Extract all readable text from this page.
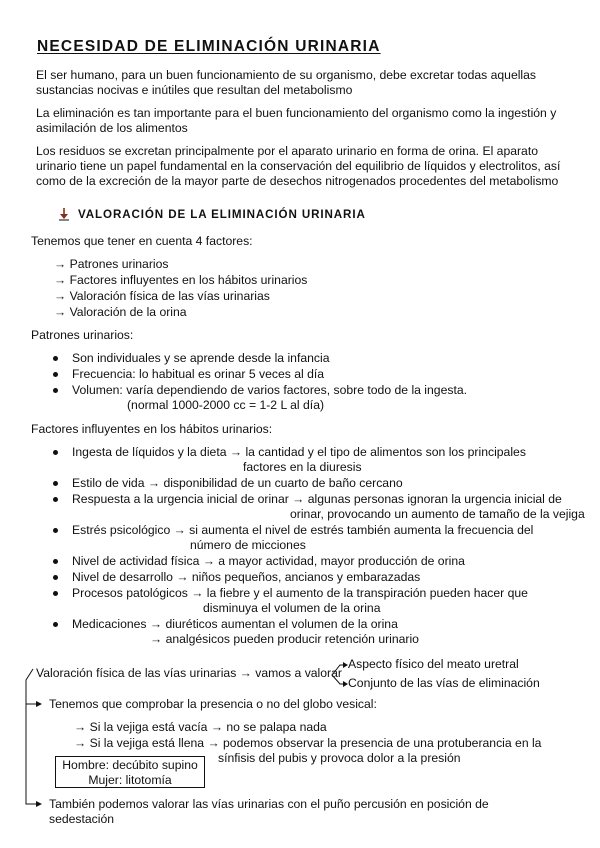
NECESIDAD DE ELIMINACIÓN URINARIA
El ser humano, para un buen funcionamiento de su organismo, debe excretar todas aquellas sustancias nocivas e inútiles que resultan del metabolismo
La eliminación es tan importante para el buen funcionamiento del organismo como la ingestión y asimilación de los alimentos
Los residuos se excretan principalmente por el aparato urinario en forma de orina. El aparato urinario tiene un papel fundamental en la conservación del equilibrio de líquidos y electrolitos, así como de la excreción de la mayor parte de desechos nitrogenados procedentes del metabolismo
VALORACIÓN DE LA ELIMINACIÓN URINARIA
Tenemos que tener en cuenta 4 factores:
→ Patrones urinarios
→ Factores influyentes en los hábitos urinarios
→ Valoración física de las vías urinarias
→ Valoración de la orina
Patrones urinarios:
Son individuales y se aprende desde la infancia
Frecuencia: lo habitual es orinar 5 veces al día
Volumen: varía dependiendo de varios factores, sobre todo de la ingesta.
(normal 1000-2000 cc = 1-2 L al día)
Factores influyentes en los hábitos urinarios:
Ingesta de líquidos y la dieta → la cantidad y el tipo de alimentos son los principales
factores en la diuresis
Estilo de vida → disponibilidad de un cuarto de baño cercano
Respuesta a la urgencia inicial de orinar → algunas personas ignoran la urgencia inicial de
orinar, provocando un aumento de tamaño de la vejiga
Estrés psicológico → si aumenta el nivel de estrés también aumenta la frecuencia del
número de micciones
Nivel de actividad física → a mayor actividad, mayor producción de orina
Nivel de desarrollo → niños pequeños, ancianos y embarazadas
Procesos patológicos → la fiebre y el aumento de la transpiración pueden hacer que
disminuya el volumen de la orina
Medicaciones → diuréticos aumentan el volumen de la orina
→ analgésicos pueden producir retención urinario
Valoración física de las vías urinarias → vamos a valorar
Aspecto físico del meato uretral
Conjunto de las vías de eliminación
Tenemos que comprobar la presencia o no del globo vesical:
→ Si la vejiga está vacía → no se palapa nada
→ Si la vejiga está llena → podemos observar la presencia de una protuberancia en la
sínfisis del pubis y provoca dolor a la presión
Hombre: decúbito supino
Mujer: litotomía
También podemos valorar las vías urinarias con el puño percusión en posición de
sedestación
